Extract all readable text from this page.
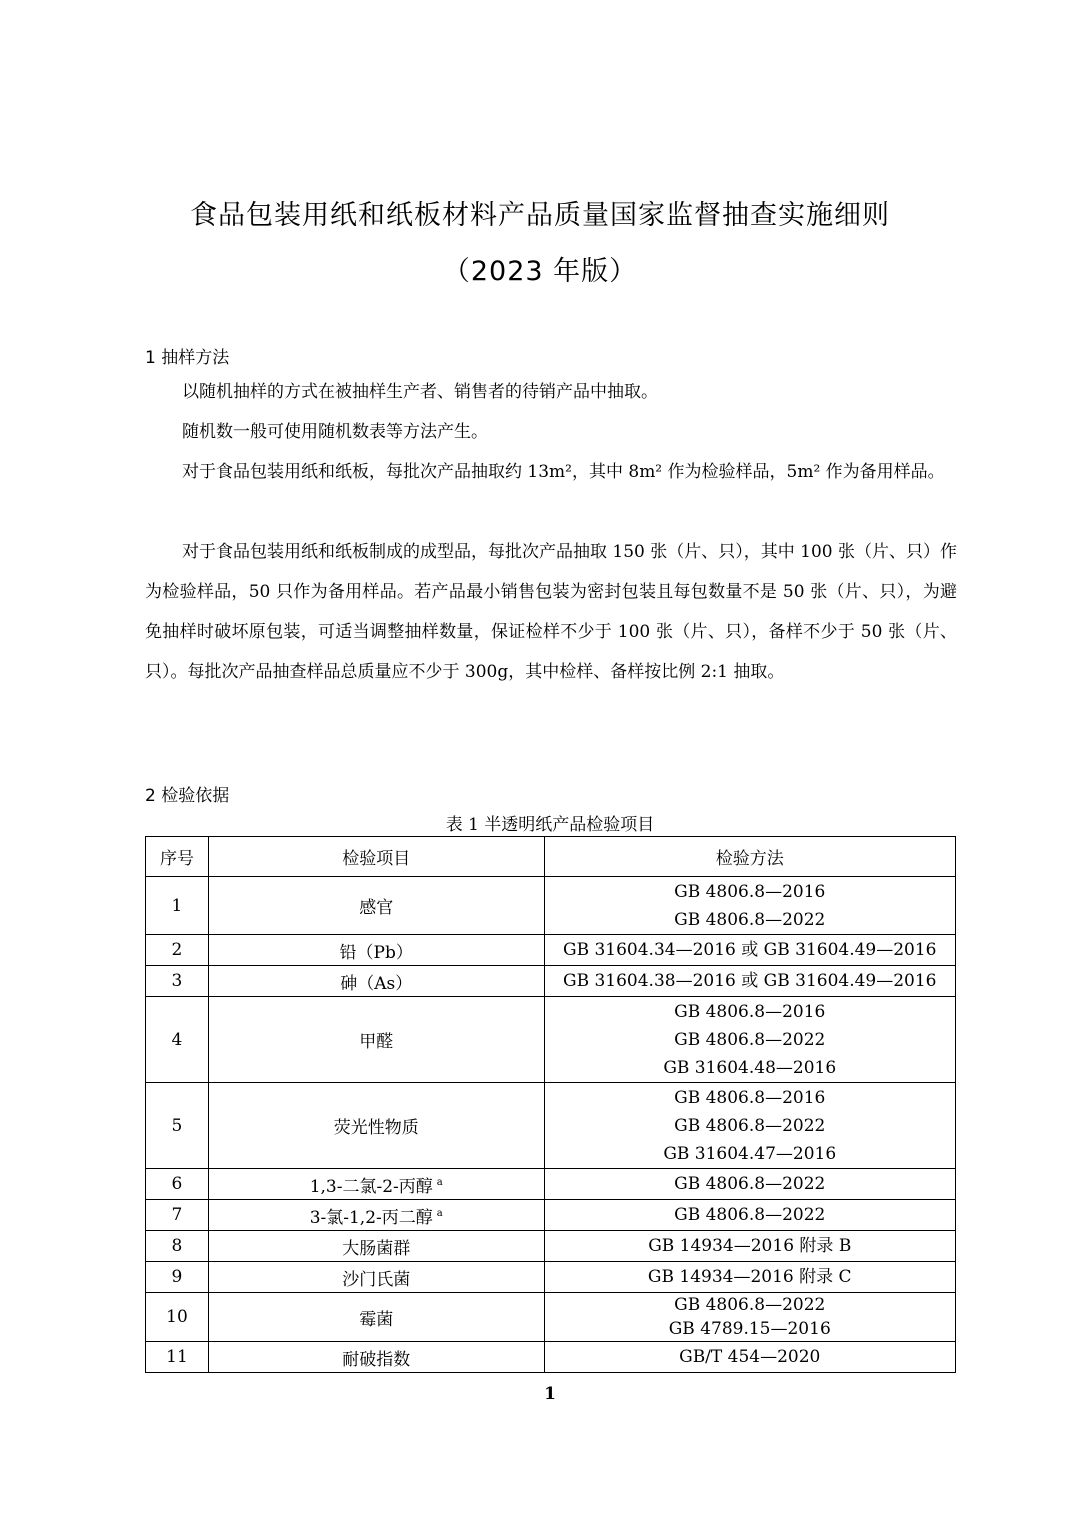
食品包装用纸和纸板材料产品质量国家监督抽查实施细则
（2023 年版）
1 抽样方法

以随机抽样的方式在被抽样生产者、销售者的待销产品中抽取。

随机数一般可使用随机数表等方法产生。

对于食品包装用纸和纸板，每批次产品抽取约 13m²，其中 8m² 作为检验样品，5m² 作为备用样品。

对于食品包装用纸和纸板制成的成型品，每批次产品抽取 150 张（片、只），其中 100 张（片、只）作为检验样品，50 只作为备用样品。若产品最小销售包装为密封包装且每包数量不是 50 张（片、只），为避免抽样时破坏原包装，可适当调整抽样数量，保证检样不少于 100 张（片、只），备样不少于 50 张（片、只）。每批次产品抽查样品总质量应不少于 300g，其中检样、备样按比例 2:1 抽取。

2 检验依据
表 1 半透明纸产品检验项目
序号	检验项目	检验方法
1	感官	GB 4806.8—2016
GB 4806.8—2022

2	铅（Pb）	GB 31604.34—2016 或 GB 31604.49—2016

3	砷（As）	GB 31604.38—2016 或 GB 31604.49—2016

4	甲醛	GB 4806.8—2016
GB 4806.8—2022
GB 31604.48—2016

5	荧光性物质	GB 4806.8—2016
GB 4806.8—2022
GB 31604.47—2016

6	1,3-二氯-2-丙醇 $^a$	GB 4806.8—2022

7	3-氯-1,2-丙二醇 $^a$	GB 4806.8—2022

8	大肠菌群	GB 14934—2016 附录 B

9	沙门氏菌	GB 14934—2016 附录 C

10	霉菌	GB 4806.8—2022
GB 4789.15—2016

11	耐破指数	GB/T 454—2020
1
